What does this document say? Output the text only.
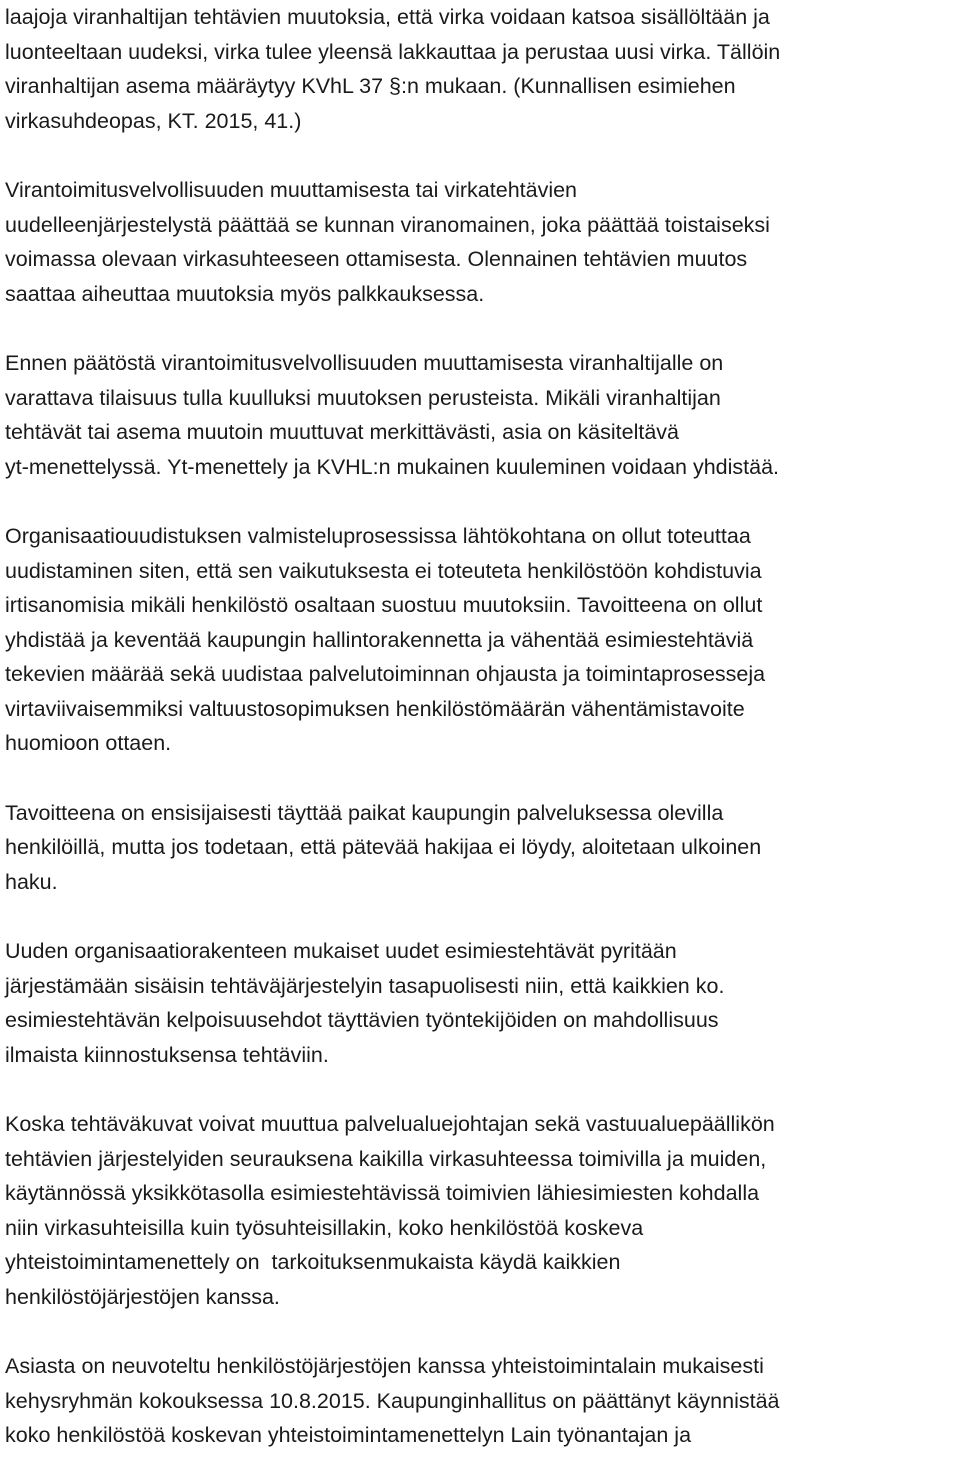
laajoja viranhaltijan tehtävien muutoksia, että virka voidaan katsoa sisällöltään ja
luonteeltaan uudeksi, virka tulee yleensä lakkauttaa ja perustaa uusi virka. Tällöin
viranhaltijan asema määräytyy KVhL 37 §:n mukaan. (Kunnallisen esimiehen
virkasuhdeopas, KT. 2015, 41.)
Virantoimitusvelvollisuuden muuttamisesta tai virkatehtävien
uudelleenjärjestelystä päättää se kunnan viranomainen, joka päättää toistaiseksi
voimassa olevaan virkasuhteeseen ottamisesta. Olennainen tehtävien muutos
saattaa aiheuttaa muutoksia myös palkkauksessa.
Ennen päätöstä virantoimitusvelvollisuuden muuttamisesta viranhaltijalle on
varattava tilaisuus tulla kuulluksi muutoksen perusteista. Mikäli viranhaltijan
tehtävät tai asema muutoin muuttuvat merkittävästi, asia on käsiteltävä
yt-menettelyssä. Yt-menettely ja KVHL:n mukainen kuuleminen voidaan yhdistää.
Organisaatiouudistuksen valmisteluprosessissa lähtökohtana on ollut toteuttaa
uudistaminen siten, että sen vaikutuksesta ei toteuteta henkilöstöön kohdistuvia
irtisanomisia mikäli henkilöstö osaltaan suostuu muutoksiin. Tavoitteena on ollut
yhdistää ja keventää kaupungin hallintorakennetta ja vähentää esimiestehtäviä
tekevien määrää sekä uudistaa palvelutoiminnan ohjausta ja toimintaprosesseja
virtaviivaisemmiksi valtuustosopimuksen henkilöstömäärän vähentämistavoite
huomioon ottaen.
Tavoitteena on ensisijaisesti täyttää paikat kaupungin palveluksessa olevilla
henkilöillä, mutta jos todetaan, että pätevää hakijaa ei löydy, aloitetaan ulkoinen
haku.
Uuden organisaatiorakenteen mukaiset uudet esimiestehtävät pyritään
järjestämään sisäisin tehtäväjärjestelyin tasapuolisesti niin, että kaikkien ko.
esimiestehtävän kelpoisuusehdot täyttävien työntekijöiden on mahdollisuus
ilmaista kiinnostuksensa tehtäviin.
Koska tehtäväkuvat voivat muuttua palvelualuejohtajan sekä vastuualuepäällikön
tehtävien järjestelyiden seurauksena kaikilla virkasuhteessa toimivilla ja muiden,
käytännössä yksikkötasolla esimiestehtävissä toimivien lähiesimiesten kohdalla
niin virkasuhteisilla kuin työsuhteisillakin, koko henkilöstöä koskeva
yhteistoimintamenettely on  tarkoituksenmukaista käydä kaikkien
henkilöstöjärjestöjen kanssa.
Asiasta on neuvoteltu henkilöstöjärjestöjen kanssa yhteistoimintalain mukaisesti
kehysryhmän kokouksessa 10.8.2015. Kaupunginhallitus on päättänyt käynnistää
koko henkilöstöä koskevan yhteistoimintamenettelyn Lain työnantajan ja
